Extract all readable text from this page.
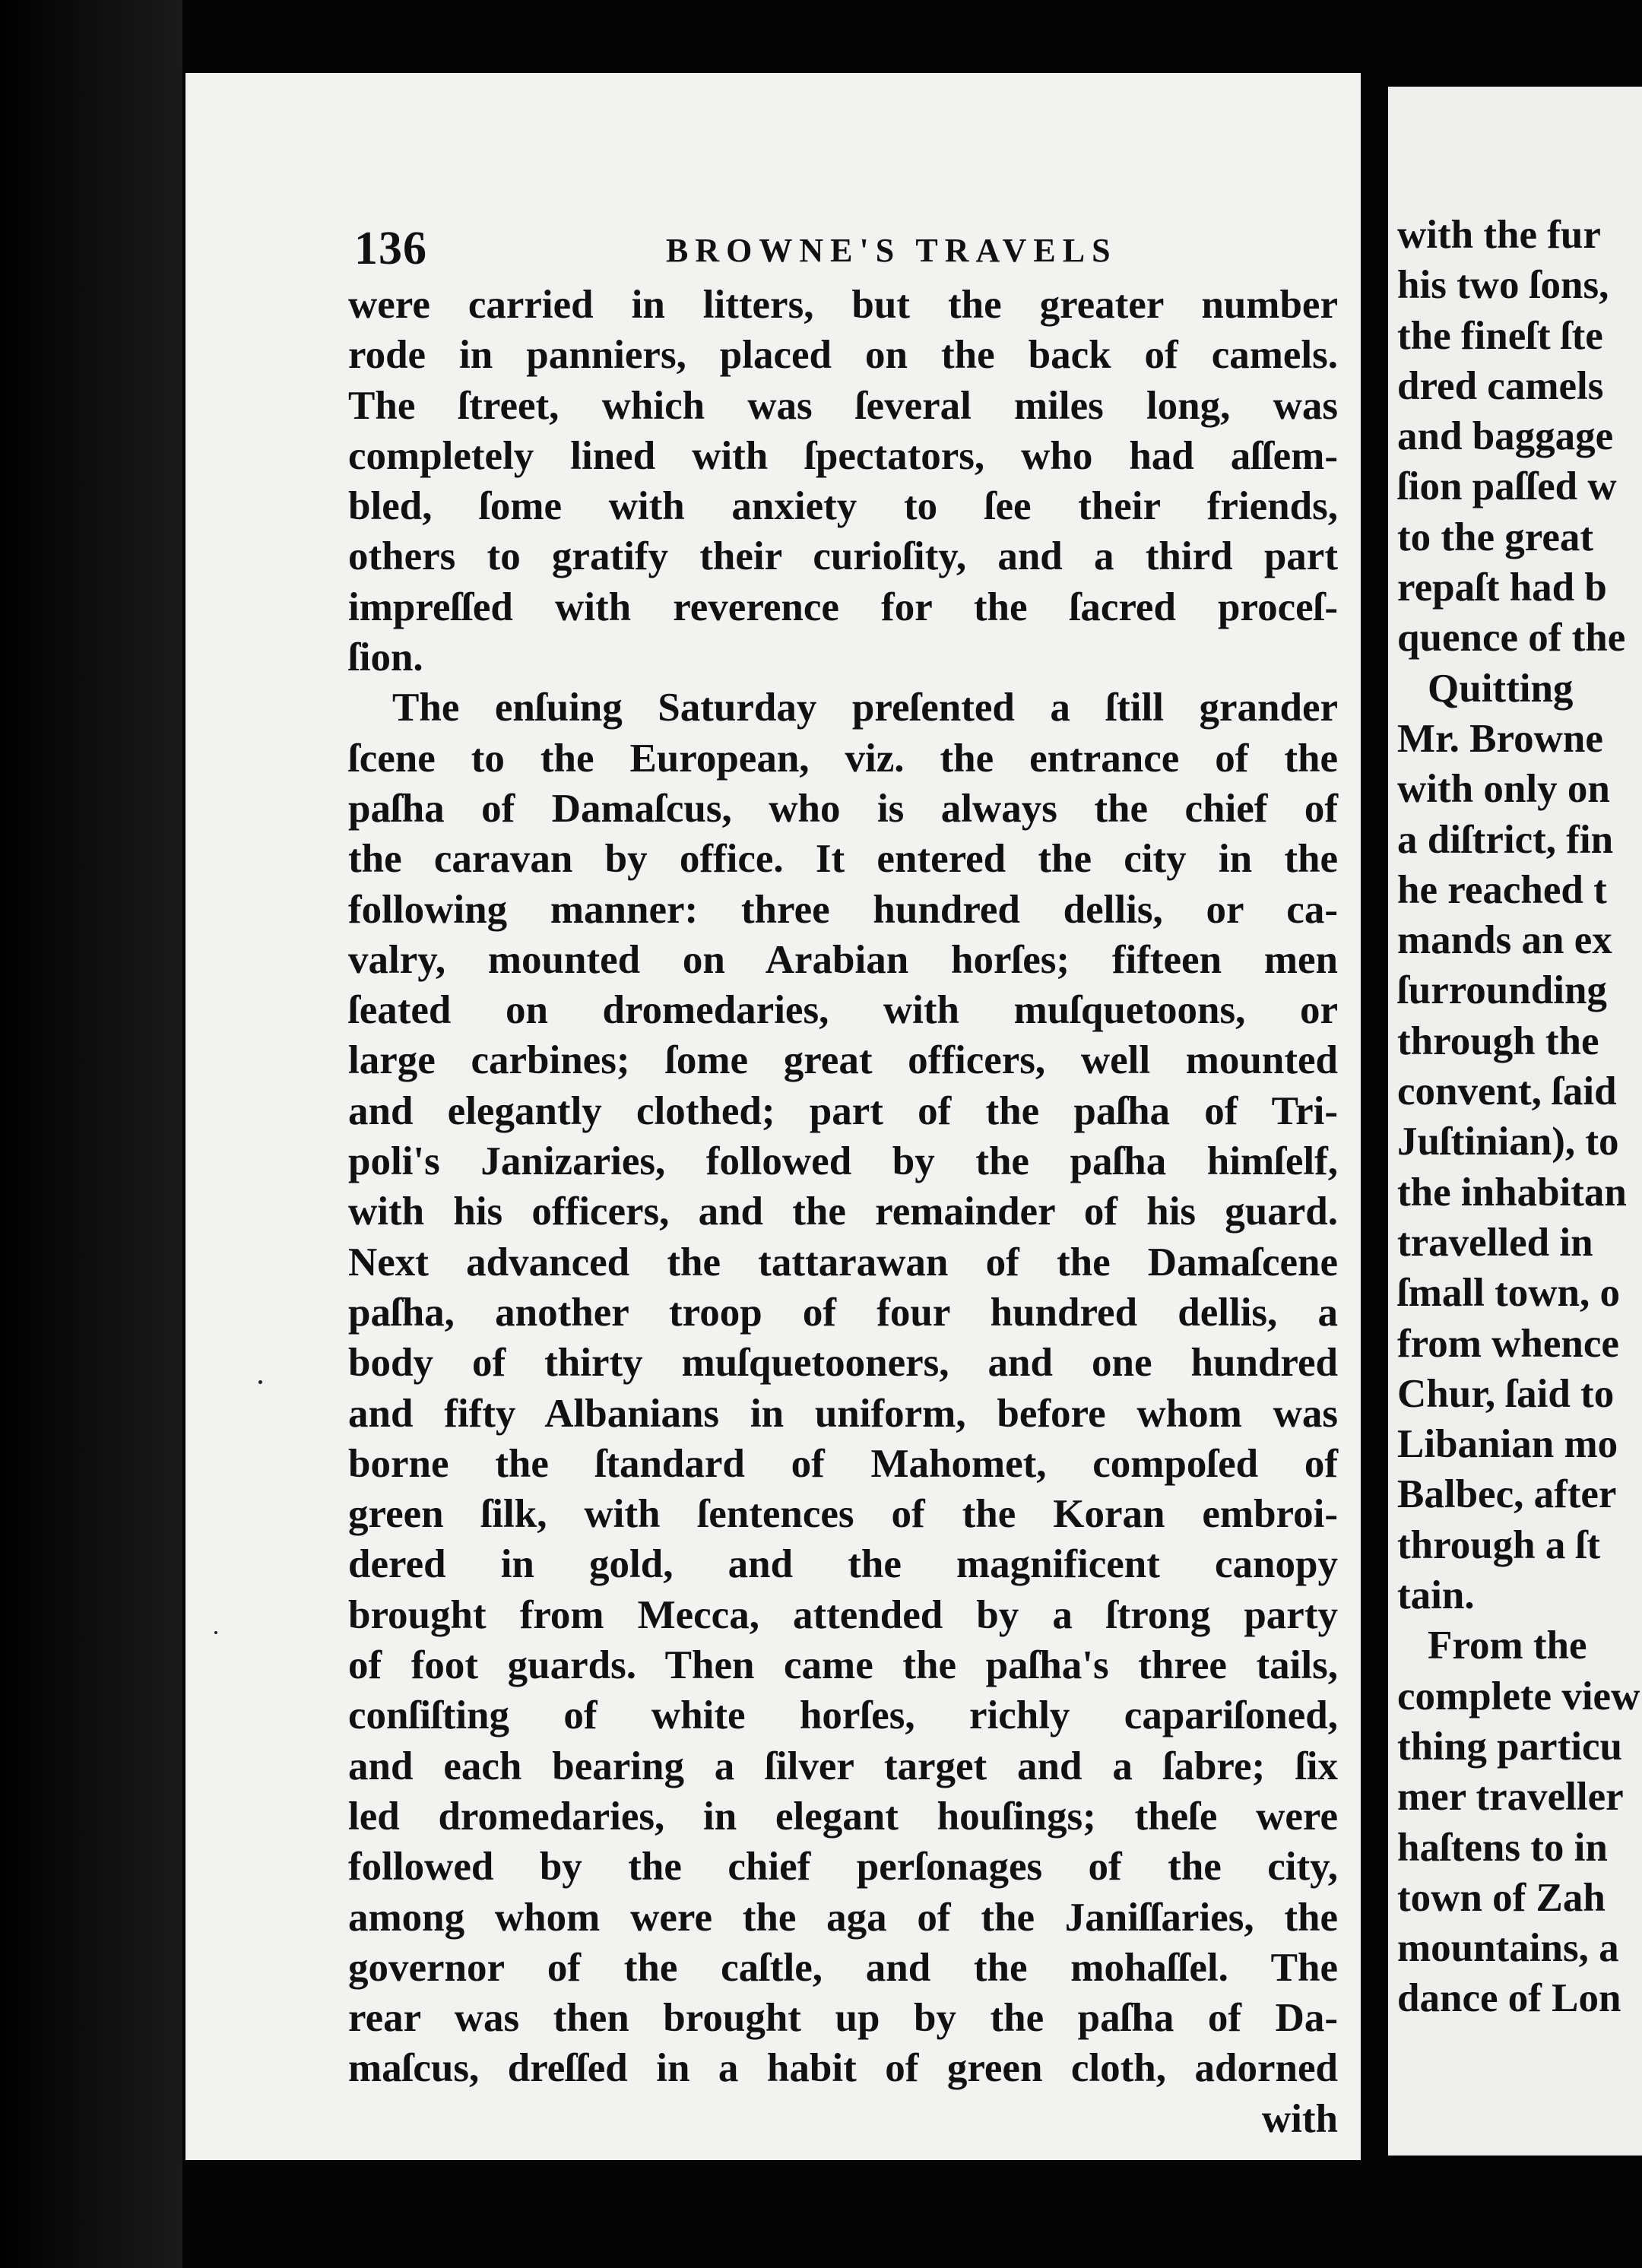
136	BROWNE'S TRAVELS
were carried in litters, but the greater number
rode in panniers, placed on the back of camels.
The ſtreet, which was ſeveral miles long, was
completely lined with ſpectators, who had aſſem-
bled, ſome with anxiety to ſee their friends,
others to gratify their curioſity, and a third part
impreſſed with reverence for the ſacred proceſ-
ſion.
The enſuing Saturday preſented a ſtill grander
ſcene to the European, viz. the entrance of the
paſha of Damaſcus, who is always the chief of
the caravan by office. It entered the city in the
following manner: three hundred dellis, or ca-
valry, mounted on Arabian horſes; fifteen men
ſeated on dromedaries, with muſquetoons, or
large carbines; ſome great officers, well mounted
and elegantly clothed; part of the paſha of Tri-
poli's Janizaries, followed by the paſha himſelf,
with his officers, and the remainder of his guard.
Next advanced the tattarawan of the Damaſcene
paſha, another troop of four hundred dellis, a
body of thirty muſquetooners, and one hundred
and fifty Albanians in uniform, before whom was
borne the ſtandard of Mahomet, compoſed of
green ſilk, with ſentences of the Koran embroi-
dered in gold, and the magnificent canopy
brought from Mecca, attended by a ſtrong party
of foot guards. Then came the paſha's three tails,
conſiſting of white horſes, richly capariſoned,
and each bearing a ſilver target and a ſabre; ſix
led dromedaries, in elegant houſings; theſe were
followed by the chief perſonages of the city,
among whom were the aga of the Janiſſaries, the
governor of the caſtle, and the mohaſſel. The
rear was then brought up by the paſha of Da-
maſcus, dreſſed in a habit of green cloth, adorned
with
with the fur
his two ſons,
the fineſt ſte
dred camels
and baggage
ſion paſſed w
to the great
repaſt had b
quence of the
Quitting
Mr. Browne
with only on
a diſtrict, fin
he reached t
mands an ex
ſurrounding
through the
convent, ſaid
Juſtinian), to
the inhabitan
travelled in
ſmall town, o
from whence
Chur, ſaid to
Libanian mo
Balbec, after
through a ſt
tain.
From the
complete view
thing particu
mer traveller
haſtens to in
town of Zah
mountains, a
dance of Lon
